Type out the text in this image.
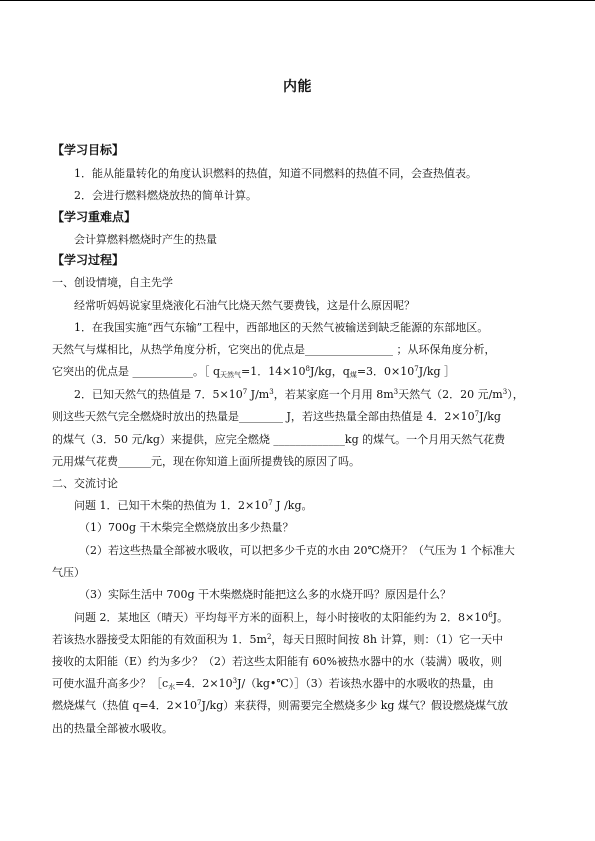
内能
【学习目标】
1．能从能量转化的角度认识燃料的热值，知道不同燃料的热值不同，会查热值表。
2．会进行燃料燃烧放热的简单计算。
【学习重难点】
会计算燃料燃烧时产生的热量
【学习过程】
一、创设情境，自主先学
经常听妈妈说家里烧液化石油气比烧天然气要费钱，这是什么原因呢？
1．在我国实施“西气东输”工程中，西部地区的天然气被输送到缺乏能源的东部地区。
天然气与煤相比，从热学角度分析，它突出的优点是________________ ；从环保角度分析，
它突出的优点是 ___________。［ $q_{天然气}=1$．$14\times 10^8J/kg$，$q_煤=3$．$0\times 10^7J/kg$ ］
2．已知天然气的热值是 7．$5\times 10^7$ $J/m^3$，若某家庭一个月用 $8m^3$天然气（2．20 元$/m^3$），
则这些天然气完全燃烧时放出的热量是________ J，若这些热量全部由热值是 4．$2\times 10^7J/kg$
的煤气（3．50 元/kg）来提供，应完全燃烧 _____________kg 的煤气。一个月用天然气花费
元用煤气花费______元，现在你知道上面所提费钱的原因了吗。
二、交流讨论
问题 1．已知干木柴的热值为 1．$2\times 10^7$ J /kg。
（1）700g 干木柴完全燃烧放出多少热量？
（2）若这些热量全部被水吸收，可以把多少千克的水由 20℃烧开？（气压为 1 个标准大
气压）
（3）实际生活中 700g 干木柴燃烧时能把这么多的水烧开吗？原因是什么？
问题 2．某地区（晴天）平均每平方米的面积上，每小时接收的太阳能约为 2．$8\times 10^6J$。
若该热水器接受太阳能的有效面积为 1．$5m^2$，每天日照时间按 8h 计算，则：（1）它一天中
接收的太阳能（E）约为多少？（2）若这些太阳能有 60%被热水器中的水（装满）吸收，则
可使水温升高多少？$[c_水=4$．$2\times 10^3J/(kg•℃)](3)$若该热水器中的水吸收的热量，由
燃烧煤气（热值 q=4．$2\times 10^7J/kg$）来获得，则需要完全燃烧多少 kg 煤气？假设燃烧煤气放
出的热量全部被水吸收。
